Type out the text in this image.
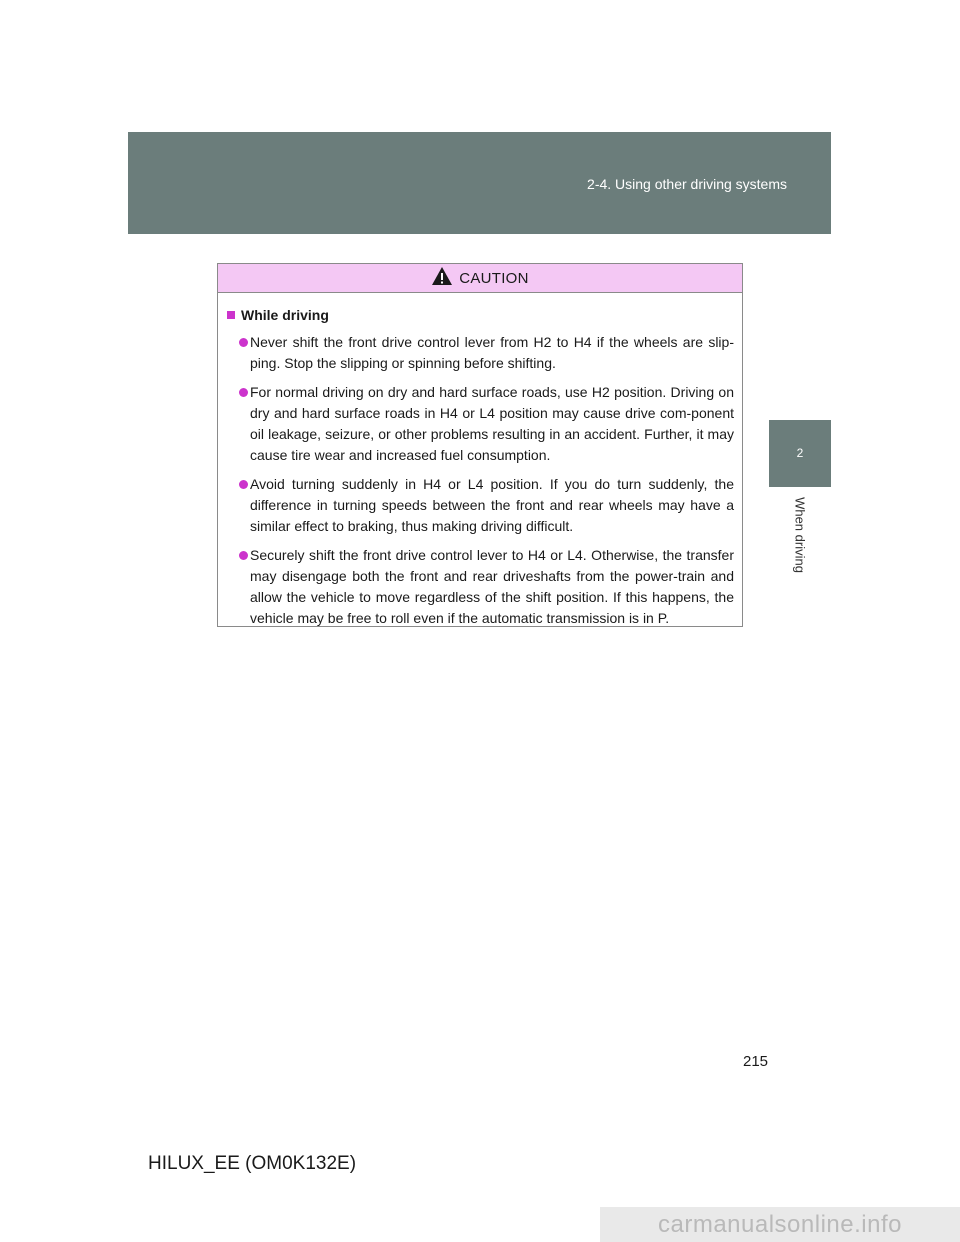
2-4. Using other driving systems
2
When driving
CAUTION
While driving
Never shift the front drive control lever from H2 to H4 if the wheels are slip-ping. Stop the slipping or spinning before shifting.
For normal driving on dry and hard surface roads, use H2 position. Driving on dry and hard surface roads in H4 or L4 position may cause drive com-ponent oil leakage, seizure, or other problems resulting in an accident. Further, it may cause tire wear and increased fuel consumption.
Avoid turning suddenly in H4 or L4 position. If you do turn suddenly, the difference in turning speeds between the front and rear wheels may have a similar effect to braking, thus making driving difficult.
Securely shift the front drive control lever to H4 or L4. Otherwise, the transfer may disengage both the front and rear driveshafts from the power-train and allow the vehicle to move regardless of the shift position. If this happens, the vehicle may be free to roll even if the automatic transmission is in P.
215
HILUX_EE (OM0K132E)
carmanualsonline.info
